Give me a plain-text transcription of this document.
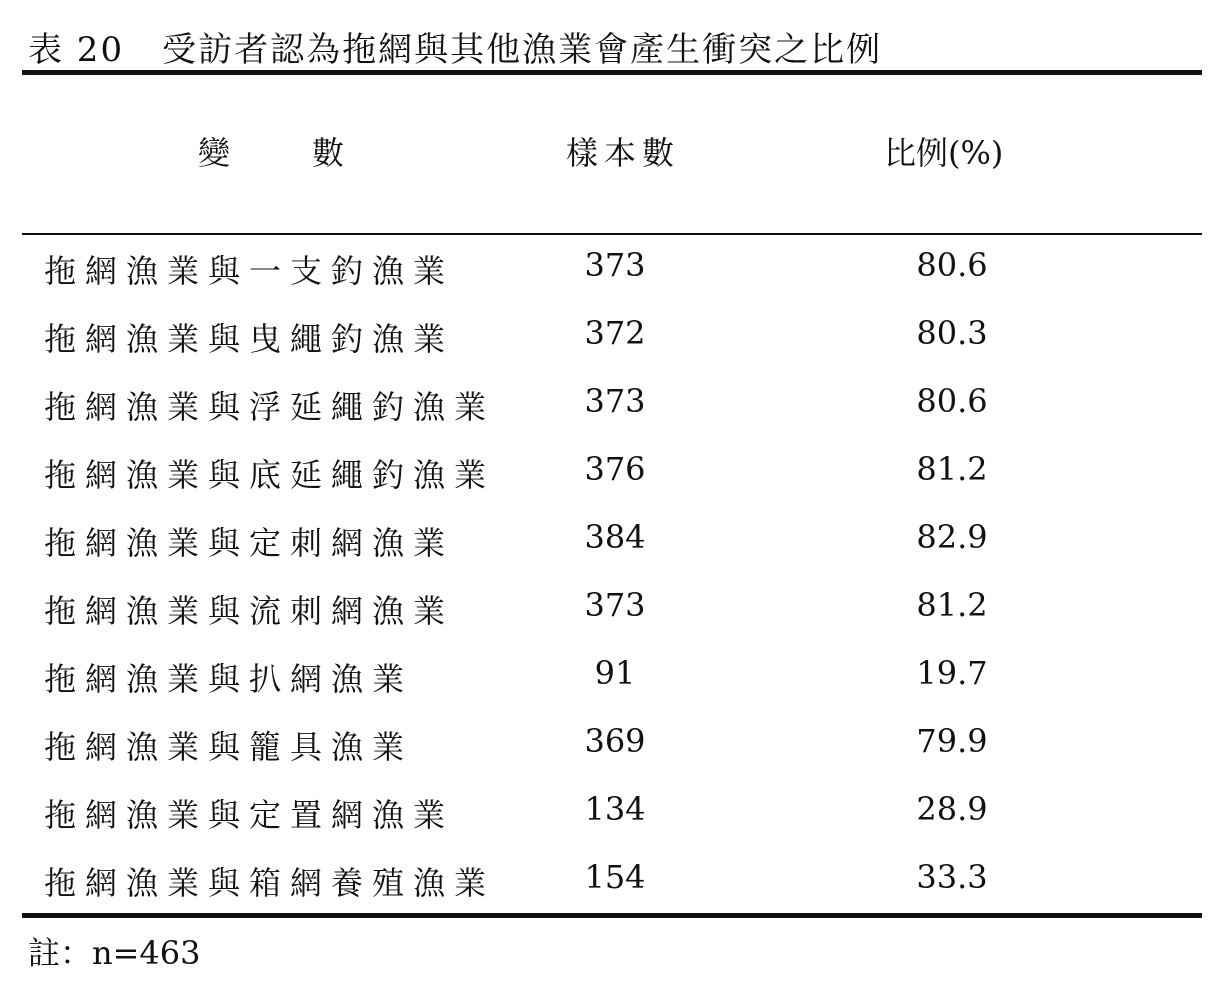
表 20 受訪者認為拖網與其他漁業會產生衝突之比例
變數	樣本數	比例(%)
拖網漁業與一支釣漁業	373	80.6
拖網漁業與曳繩釣漁業	372	80.3
拖網漁業與浮延繩釣漁業	373	80.6
拖網漁業與底延繩釣漁業	376	81.2
拖網漁業與定刺網漁業	384	82.9
拖網漁業與流刺網漁業	373	81.2
拖網漁業與扒網漁業	91	19.7
拖網漁業與籠具漁業	369	79.9
拖網漁業與定置網漁業	134	28.9
拖網漁業與箱網養殖漁業	154	33.3
註：n=463
